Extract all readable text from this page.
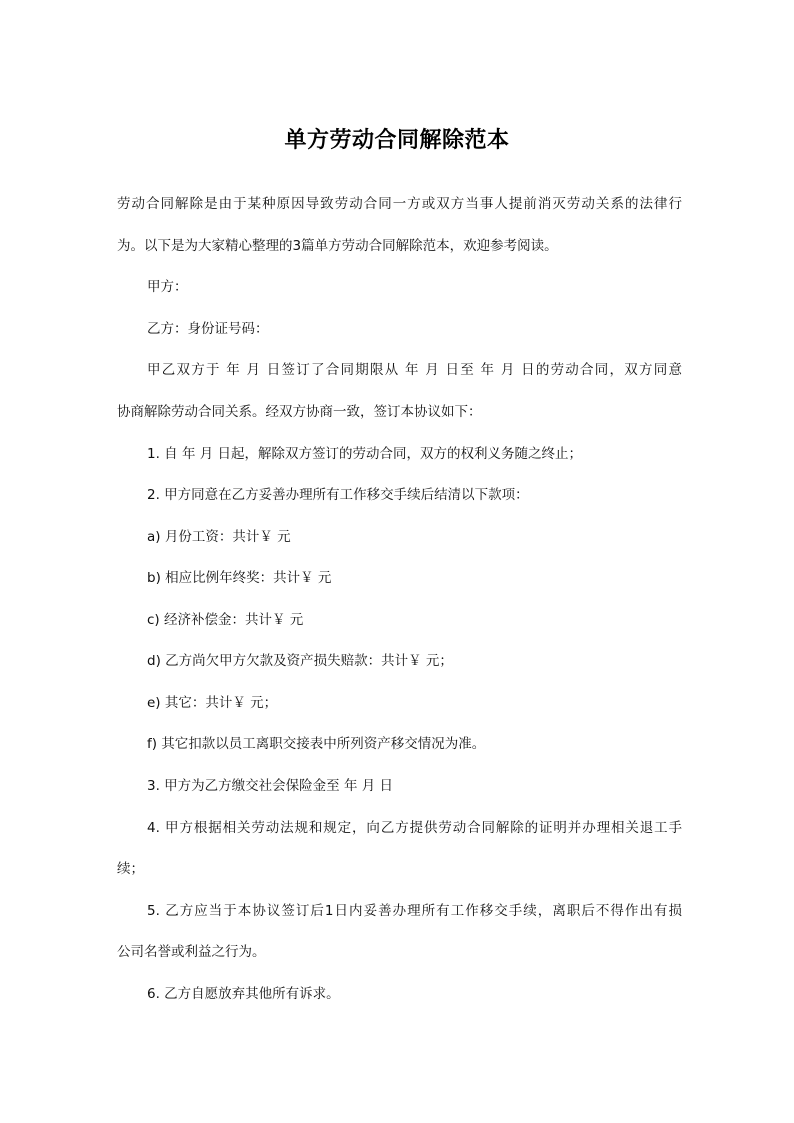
单方劳动合同解除范本
劳动合同解除是由于某种原因导致劳动合同一方或双方当事人提前消灭劳动关系的法律行
为。以下是为大家精心整理的3篇单方劳动合同解除范本，欢迎参考阅读。
甲方：
乙方：身份证号码：
甲乙双方于 年 月 日签订了合同期限从 年 月 日至 年 月 日的劳动合同，双方同意
协商解除劳动合同关系。经双方协商一致，签订本协议如下：
1. 自 年 月 日起，解除双方签订的劳动合同，双方的权利义务随之终止；
2. 甲方同意在乙方妥善办理所有工作移交手续后结清以下款项：
a) 月份工资：共计￥ 元
b) 相应比例年终奖：共计￥ 元
c) 经济补偿金：共计￥ 元
d) 乙方尚欠甲方欠款及资产损失赔款：共计￥ 元；
e) 其它：共计￥ 元；
f) 其它扣款以员工离职交接表中所列资产移交情况为准。
3. 甲方为乙方缴交社会保险金至 年 月 日
4. 甲方根据相关劳动法规和规定，向乙方提供劳动合同解除的证明并办理相关退工手
续；
5. 乙方应当于本协议签订后1日内妥善办理所有工作移交手续，离职后不得作出有损
公司名誉或利益之行为。
6. 乙方自愿放弃其他所有诉求。
